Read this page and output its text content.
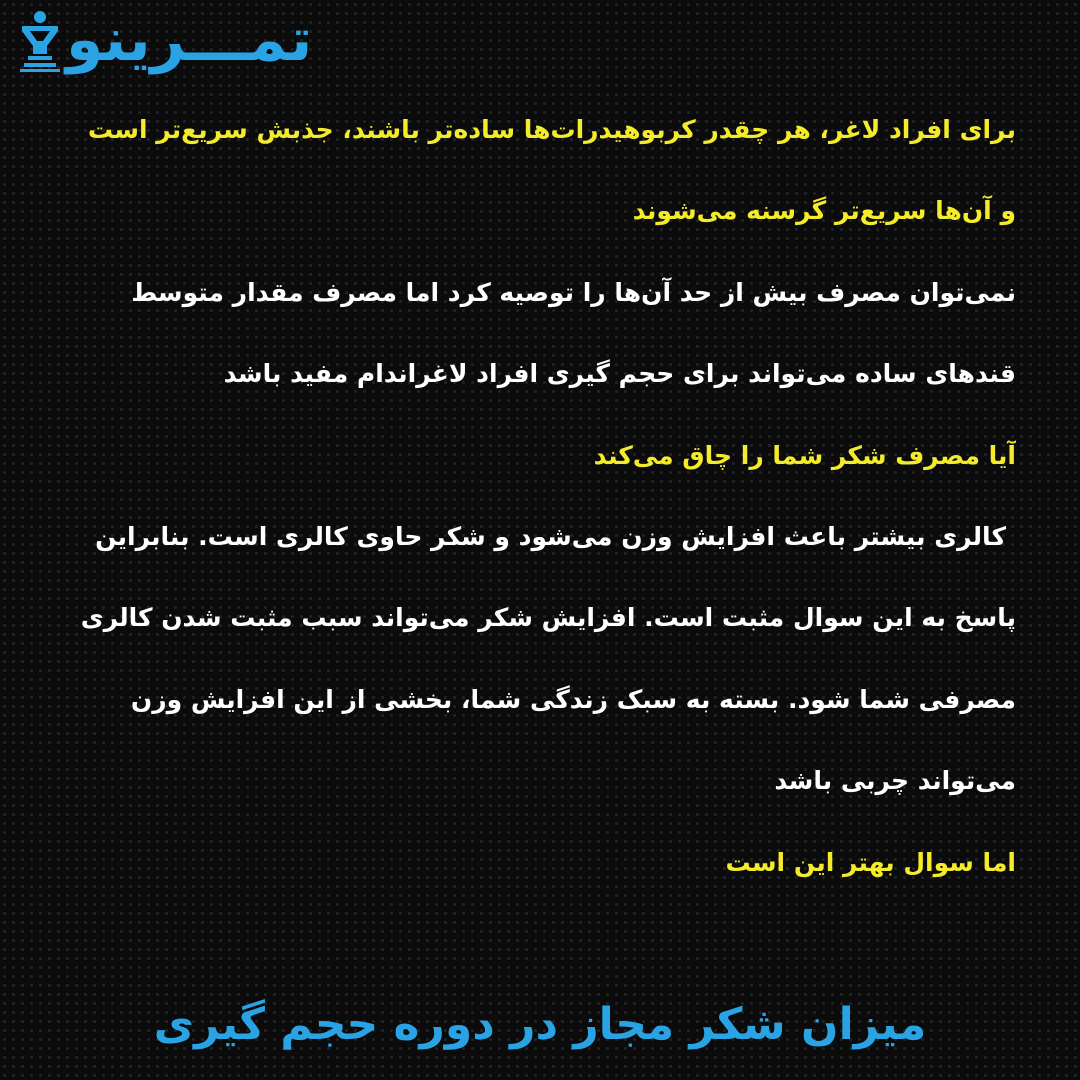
تمـــرینو
برای افراد لاغر، هر چقدر کربوهیدرات‌ها ساده‌تر باشند، جذبش سریع‌تر است
و آن‌ها سریع‌تر گرسنه می‌شوند
نمی‌توان مصرف بیش از حد آن‌ها را توصیه کرد اما مصرف مقدار متوسط
قندهای ساده می‌تواند برای حجم گیری افراد لاغراندام مفید باشد
آیا مصرف شکر شما را چاق می‌کند
کالری بیشتر باعث افزایش وزن می‌شود و شکر حاوی کالری است. بنابراین
پاسخ به این سوال مثبت است. افزایش شکر می‌تواند سبب مثبت شدن کالری
مصرفی شما شود. بسته به سبک زندگی شما، بخشی از این افزایش وزن
می‌تواند چربی باشد
اما سوال بهتر این است
میزان شکر مجاز در دوره حجم گیری
